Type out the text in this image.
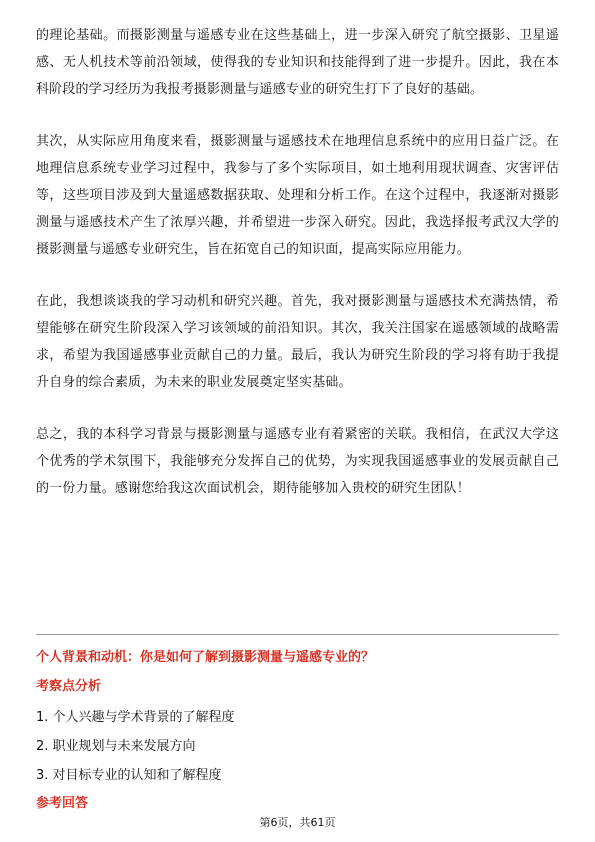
的理论基础。而摄影测量与遥感专业在这些基础上，进一步深入研究了航空摄影、卫星遥感、无人机技术等前沿领域，使得我的专业知识和技能得到了进一步提升。因此，我在本科阶段的学习经历为我报考摄影测量与遥感专业的研究生打下了良好的基础。

其次，从实际应用角度来看，摄影测量与遥感技术在地理信息系统中的应用日益广泛。在地理信息系统专业学习过程中，我参与了多个实际项目，如土地利用现状调查、灾害评估等，这些项目涉及到大量遥感数据获取、处理和分析工作。在这个过程中，我逐渐对摄影测量与遥感技术产生了浓厚兴趣，并希望进一步深入研究。因此，我选择报考武汉大学的摄影测量与遥感专业研究生，旨在拓宽自己的知识面，提高实际应用能力。

在此，我想谈谈我的学习动机和研究兴趣。首先，我对摄影测量与遥感技术充满热情，希望能够在研究生阶段深入学习该领域的前沿知识。其次，我关注国家在遥感领域的战略需求，希望为我国遥感事业贡献自己的力量。最后，我认为研究生阶段的学习将有助于我提升自身的综合素质，为未来的职业发展奠定坚实基础。

总之，我的本科学习背景与摄影测量与遥感专业有着紧密的关联。我相信，在武汉大学这个优秀的学术氛围下，我能够充分发挥自己的优势，为实现我国遥感事业的发展贡献自己的一份力量。感谢您给我这次面试机会，期待能够加入贵校的研究生团队！

个人背景和动机：你是如何了解到摄影测量与遥感专业的？

考察点分析

1. 个人兴趣与学术背景的了解程度
2. 职业规划与未来发展方向
3. 对目标专业的认知和了解程度

参考回答

第6页，共61页
